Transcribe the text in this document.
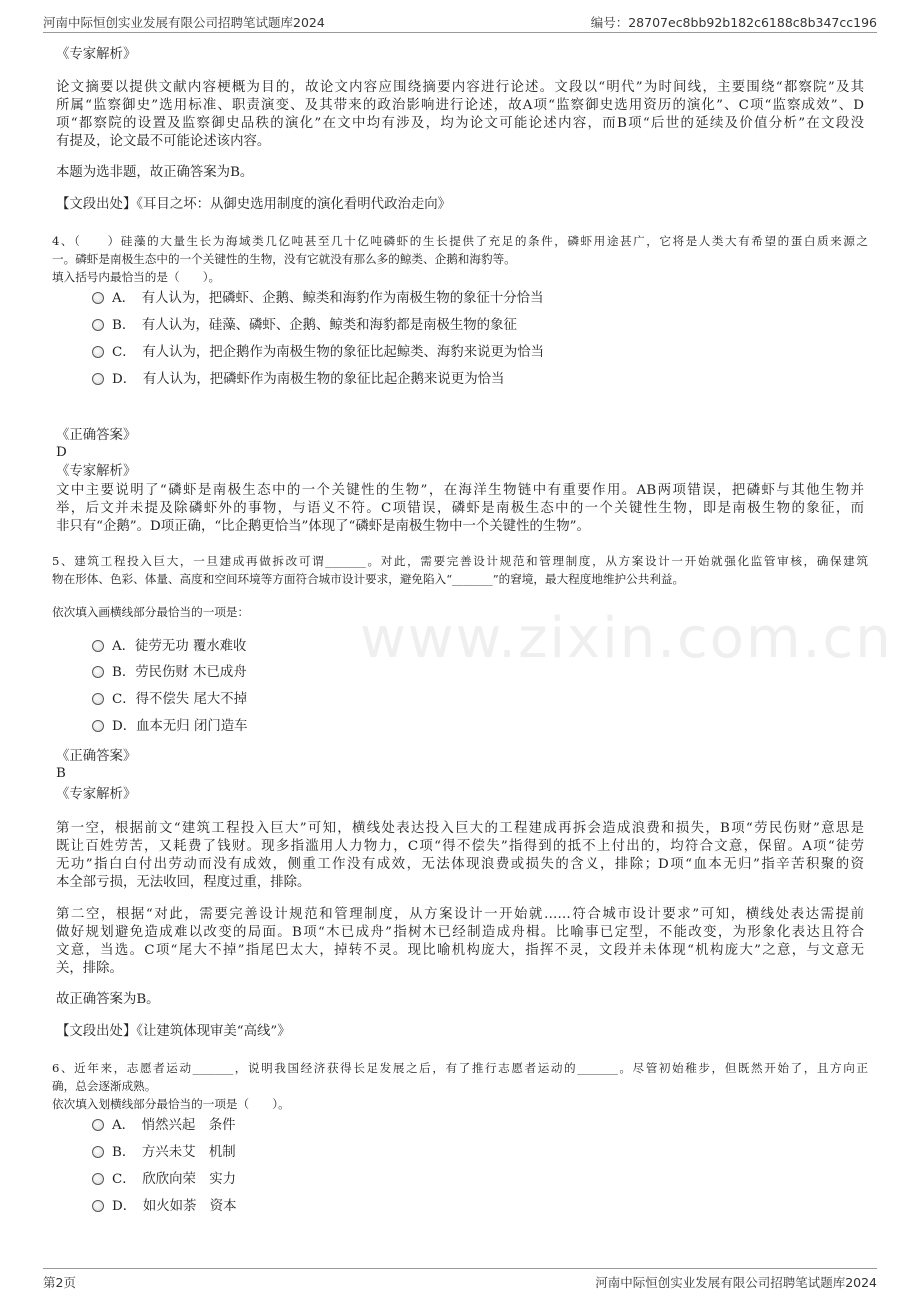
河南中际恒创实业发展有限公司招聘笔试题库2024	编号：28707ec8bb92b182c6188c8b347cc196
www.zixin.com.cn
《专家解析》
论文摘要以提供文献内容梗概为目的，故论文内容应围绕摘要内容进行论述。文段以“明代”为时间线，主要围绕“都察院”及其
所属“监察御史”选用标准、职责演变、及其带来的政治影响进行论述，故A项“监察御史选用资历的演化”、C项“监察成效”、D
项“都察院的设置及监察御史品秩的演化”在文中均有涉及，均为论文可能论述内容，而B项“后世的延续及价值分析”在文段没
有提及，论文最不可能论述该内容。
本题为选非题，故正确答案为B。
【文段出处】《耳目之坏：从御史选用制度的演化看明代政治走向》
4、（　　）硅藻的大量生长为海域类几亿吨甚至几十亿吨磷虾的生长提供了充足的条件，磷虾用途甚广，它将是人类大有希望的蛋白质来源之
一。磷虾是南极生态中的一个关键性的生物，没有它就没有那么多的鲸类、企鹅和海豹等。
填入括号内最恰当的是（　　）。
A．　有人认为，把磷虾、企鹅、鲸类和海豹作为南极生物的象征十分恰当
B．　有人认为，硅藻、磷虾、企鹅、鲸类和海豹都是南极生物的象征
C．　有人认为，把企鹅作为南极生物的象征比起鲸类、海豹来说更为恰当
D．　有人认为，把磷虾作为南极生物的象征比起企鹅来说更为恰当
《正确答案》
D
《专家解析》
文中主要说明了“磷虾是南极生态中的一个关键性的生物”，在海洋生物链中有重要作用。AB两项错误，把磷虾与其他生物并
举，后文并未提及除磷虾外的事物，与语义不符。C项错误，磷虾是南极生态中的一个关键性生物，即是南极生物的象征，而
非只有“企鹅”。D项正确，“比企鹅更恰当”体现了“磷虾是南极生物中一个关键性的生物”。
5、建筑工程投入巨大，一旦建成再做拆改可谓_______。对此，需要完善设计规范和管理制度，从方案设计一开始就强化监管审核，确保建筑
物在形体、色彩、体量、高度和空间环境等方面符合城市设计要求，避免陷入“_______”的窘境，最大程度地维护公共利益。
依次填入画横线部分最恰当的一项是：
A．徒劳无功 覆水难收
B．劳民伤财 木已成舟
C．得不偿失 尾大不掉
D．血本无归 闭门造车
《正确答案》
B
《专家解析》
第一空，根据前文“建筑工程投入巨大”可知，横线处表达投入巨大的工程建成再拆会造成浪费和损失，B项“劳民伤财”意思是
既让百姓劳苦，又耗费了钱财。现多指滥用人力物力，C项“得不偿失”指得到的抵不上付出的，均符合文意，保留。A项“徒劳
无功”指白白付出劳动而没有成效，侧重工作没有成效，无法体现浪费或损失的含义，排除；D项“血本无归”指辛苦积聚的资
本全部亏损，无法收回，程度过重，排除。
第二空，根据“对此，需要完善设计规范和管理制度，从方案设计一开始就……符合城市设计要求”可知，横线处表达需提前
做好规划避免造成难以改变的局面。B项“木已成舟”指树木已经制造成舟楫。比喻事已定型，不能改变，为形象化表达且符合
文意，当选。C项“尾大不掉”指尾巴太大，掉转不灵。现比喻机构庞大，指挥不灵，文段并未体现“机构庞大”之意，与文意无
关，排除。
故正确答案为B。
【文段出处】《让建筑体现审美“高线”》
6、近年来，志愿者运动_______，说明我国经济获得长足发展之后，有了推行志愿者运动的_______。尽管初始稚步，但既然开始了，且方向正
确，总会逐渐成熟。
依次填入划横线部分最恰当的一项是（　　）。
A．　悄然兴起　条件
B．　方兴未艾　机制
C．　欣欣向荣　实力
D．　如火如荼　资本
第2页	河南中际恒创实业发展有限公司招聘笔试题库2024
